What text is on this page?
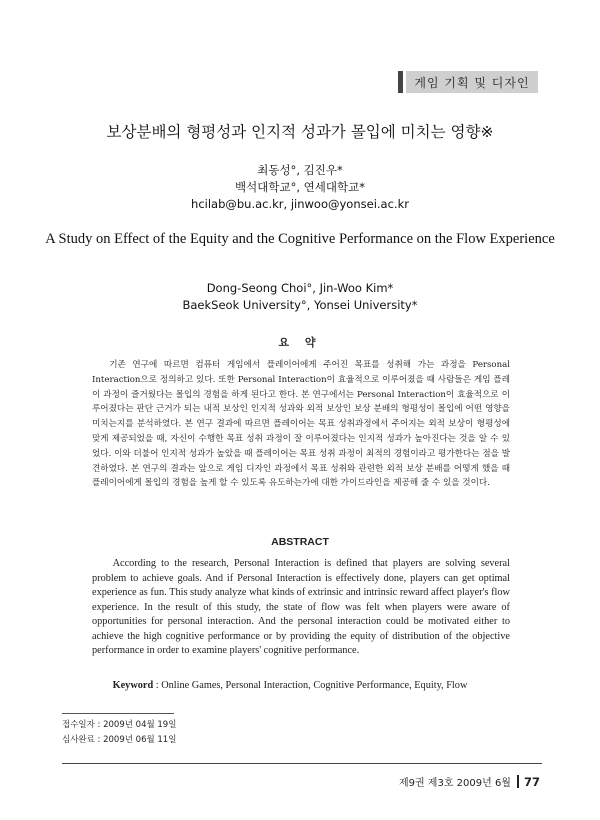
게임 기획 및 디자인
보상분배의 형평성과 인지적 성과가 몰입에 미치는 영향※
최동성°, 김진우*
백석대학교°, 연세대학교*
hcilab@bu.ac.kr, jinwoo@yonsei.ac.kr
A Study on Effect of the Equity and the Cognitive Performance on the Flow Experience
Dong-Seong Choi°, Jin-Woo Kim*
BaekSeok University°, Yonsei University*
요 약
기존 연구에 따르면 컴퓨터 게임에서 플레이어에게 주어진 목표를 성취해 가는 과정을 Personal Interaction으로 정의하고 있다. 또한 Personal Interaction이 효율적으로 이루어졌을 때 사람들은 게임 플레이 과정이 즐거웠다는 몰입의 경험을 하게 된다고 한다. 본 연구에서는 Personal Interaction이 효율적으로 이루어졌다는 판단 근거가 되는 내적 보상인 인지적 성과와 외적 보상인 보상 분배의 형평성이 몰입에 어떤 영향을 미치는지를 분석하였다. 본 연구 결과에 따르면 플레이어는 목표 성취과정에서 주어지는 외적 보상이 형평성에 맞게 제공되었을 때, 자신이 수행한 목표 성취 과정이 잘 이루어졌다는 인지적 성과가 높아진다는 것을 알 수 있었다. 이와 더불어 인지적 성과가 높았을 때 플레이어는 목표 성취 과정이 최적의 경험이라고 평가한다는 점을 발견하였다. 본 연구의 결과는 앞으로 게임 디자인 과정에서 목표 성취와 관련한 외적 보상 분배를 어떻게 했을 때 플레이어에게 몰입의 경험을 높게 할 수 있도록 유도하는가에 대한 가이드라인을 제공해 줄 수 있을 것이다.
ABSTRACT
According to the research, Personal Interaction is defined that players are solving several problem to achieve goals. And if Personal Interaction is effectively done, players can get optimal experience as fun. This study analyze what kinds of extrinsic and intrinsic reward affect player's flow experience. In the result of this study, the state of flow was felt when players were aware of opportunities for personal interaction. And the personal interaction could be motivated either to achieve the high cognitive performance or by providing the equity of distribution of the objective performance in order to examine players' cognitive performance.
Keyword : Online Games, Personal Interaction, Cognitive Performance, Equity, Flow
접수일자 : 2009년 04월 19일
심사완료 : 2009년 06월 11일
제9권 제3호 2009년 6월 77
